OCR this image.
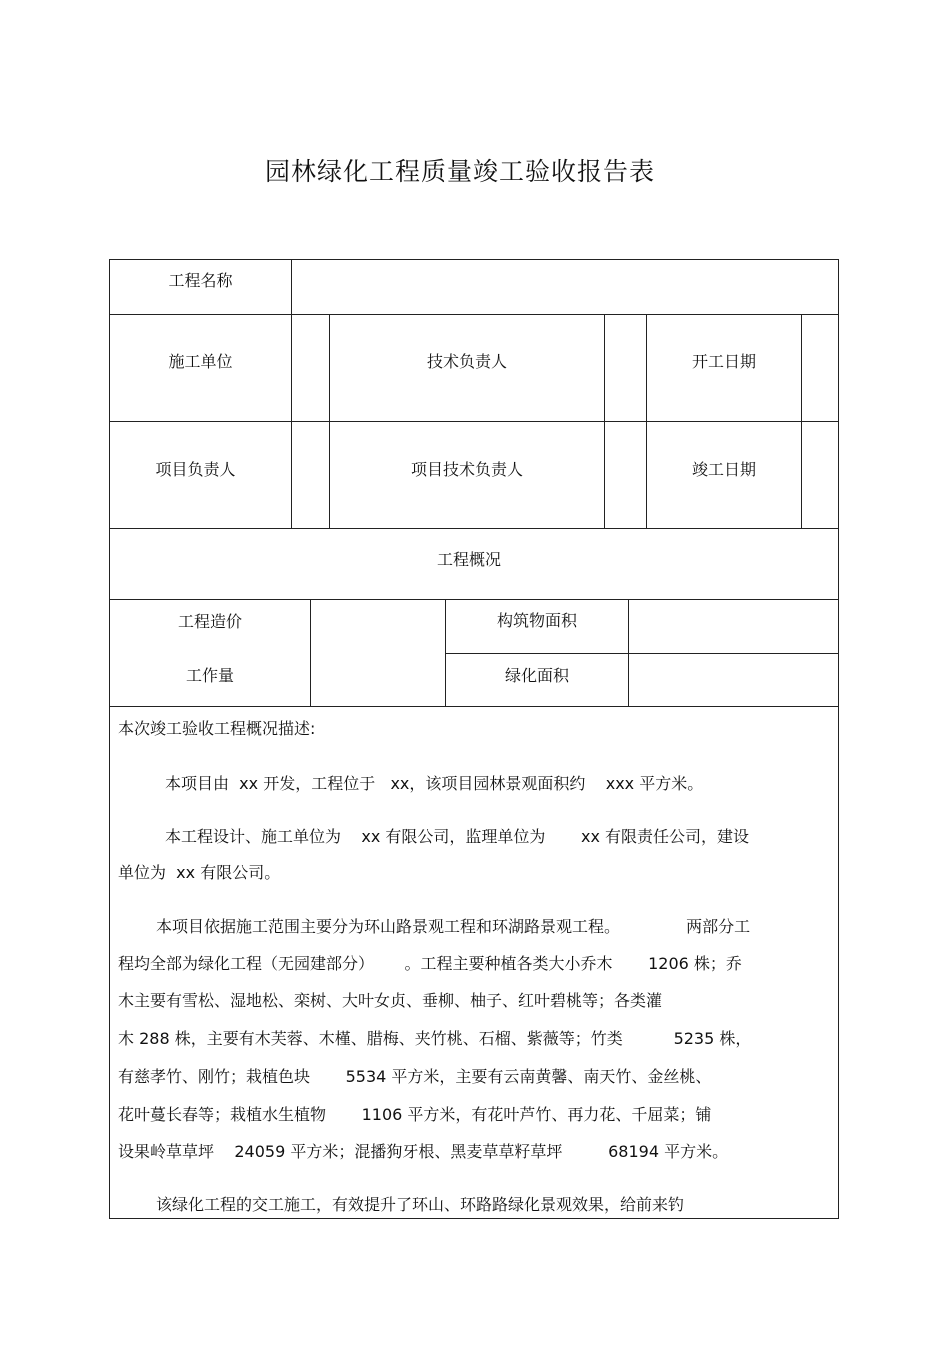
园林绿化工程质量竣工验收报告表
工程名称
施工单位	技术负责人	开工日期
项目负责人	项目技术负责人	竣工日期
工程概况
工程造价	构筑物面积
工作量	绿化面积
本次竣工验收工程概况描述:
本项目由  xx 开发，工程位于   xx，该项目园林景观面积约    xxx 平方米。
本工程设计、施工单位为    xx 有限公司，监理单位为       xx 有限责任公司，建设
单位为  xx 有限公司。
本项目依据施工范围主要分为环山路景观工程和环湖路景观工程。             两部分工
程均全部为绿化工程（无园建部分）      。工程主要种植各类大小乔木       1206 株；乔
木主要有雪松、湿地松、栾树、大叶女贞、垂柳、柚子、红叶碧桃等；各类灌
木 288 株，主要有木芙蓉、木槿、腊梅、夹竹桃、石榴、紫薇等；竹类          5235 株，
有慈孝竹、刚竹；栽植色块       5534 平方米，主要有云南黄馨、南天竹、金丝桃、
花叶蔓长春等；栽植水生植物       1106 平方米，有花叶芦竹、再力花、千屈菜；铺
设果岭草草坪    24059 平方米；混播狗牙根、黑麦草草籽草坪         68194 平方米。
该绿化工程的交工施工，有效提升了环山、环路路绿化景观效果，给前来钓
